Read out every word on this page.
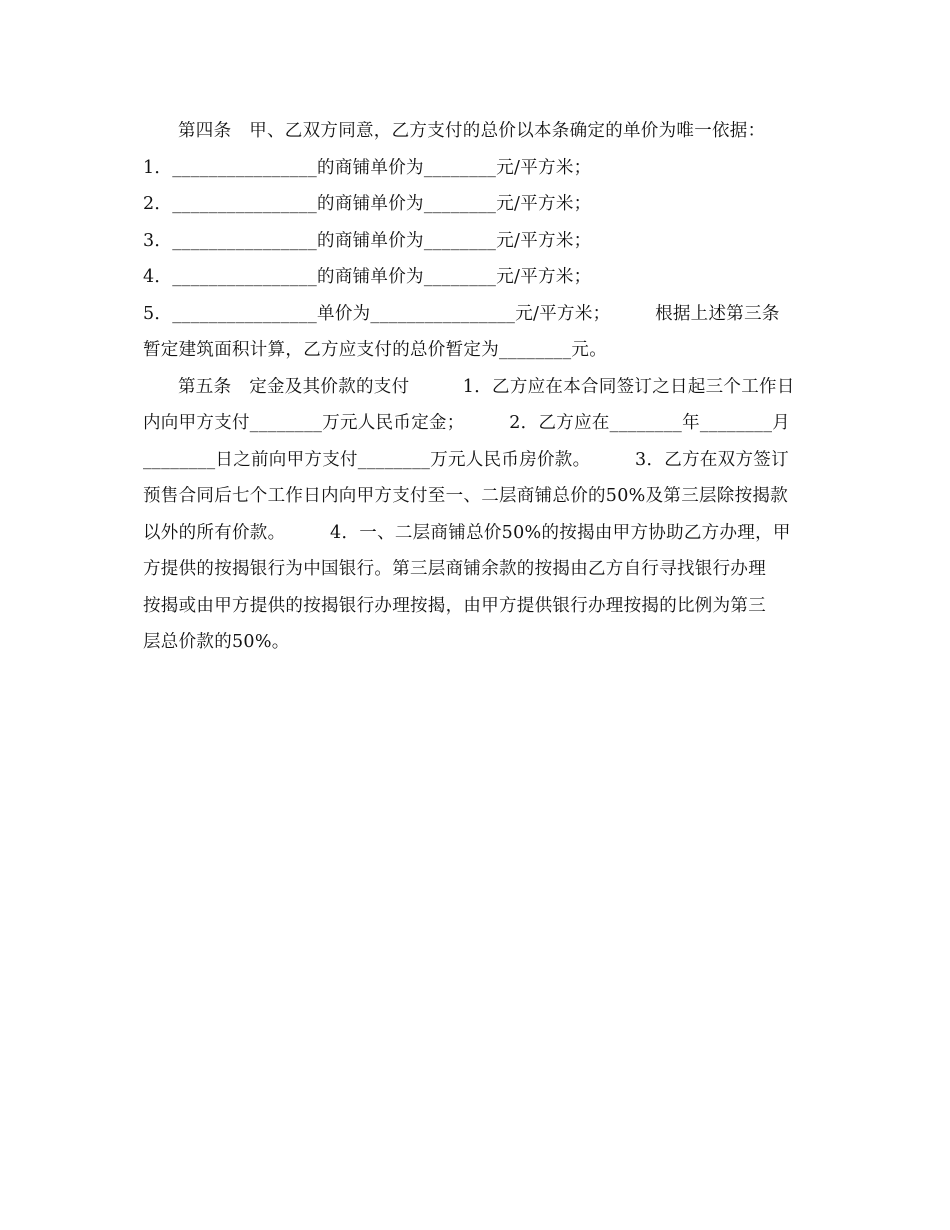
第四条　甲、乙双方同意，乙方支付的总价以本条确定的单价为唯一依据：
1．________________的商铺单价为________元/平方米；
2．________________的商铺单价为________元/平方米；
3．________________的商铺单价为________元/平方米；
4．________________的商铺单价为________元/平方米；
5．________________单价为________________元/平方米；　　　根据上述第三条
暂定建筑面积计算，乙方应支付的总价暂定为________元。
第五条　定金及其价款的支付　　　1．乙方应在本合同签订之日起三个工作日
内向甲方支付________万元人民币定金；　　　2．乙方应在________年________月
________日之前向甲方支付________万元人民币房价款。　　　3．乙方在双方签订
预售合同后七个工作日内向甲方支付至一、二层商铺总价的50%及第三层除按揭款
以外的所有价款。　　　4．一、二层商铺总价50%的按揭由甲方协助乙方办理，甲
方提供的按揭银行为中国银行。第三层商铺余款的按揭由乙方自行寻找银行办理
按揭或由甲方提供的按揭银行办理按揭，由甲方提供银行办理按揭的比例为第三
层总价款的50%。
